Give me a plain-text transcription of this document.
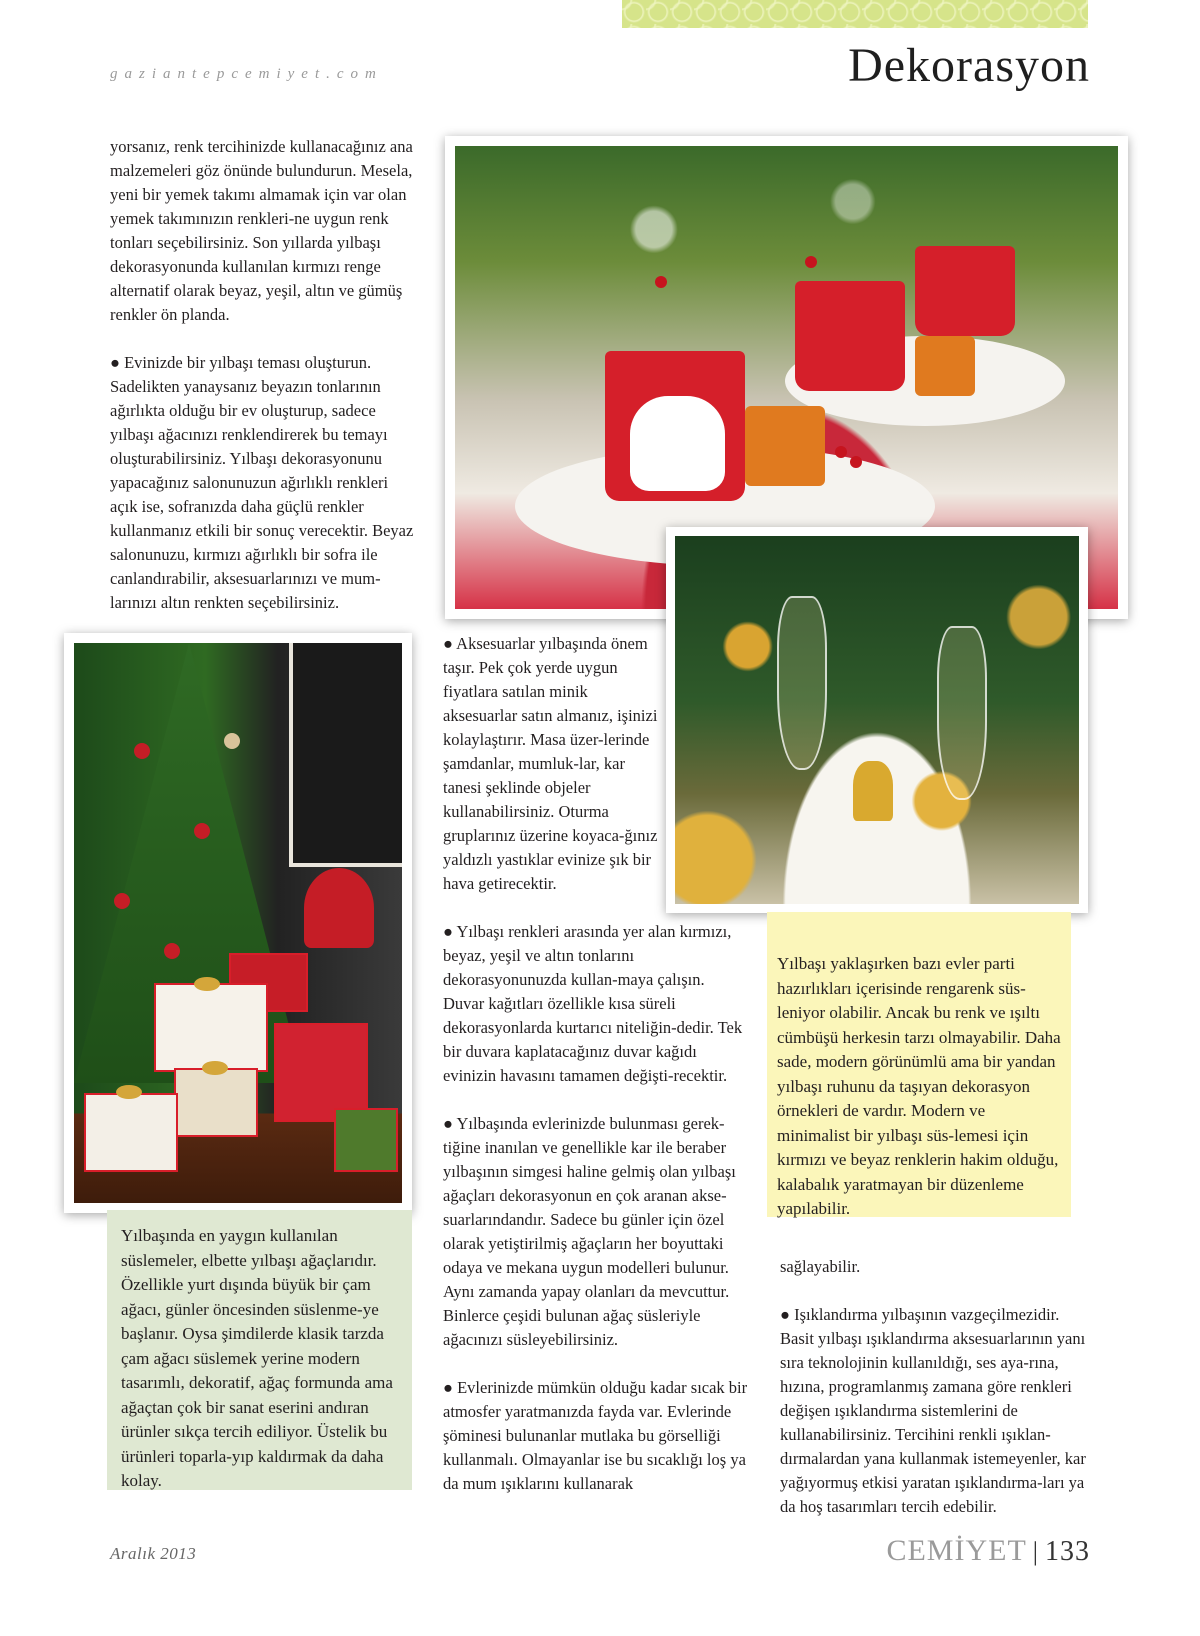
gaziantepcemiyet.com	Dekorasyon

yorsanız, renk tercihinizde kullanacağınız ana malzemeleri göz önünde bulundurun. Mesela, yeni bir yemek takımı almamak için var olan yemek takımınızın renkleri-ne uygun renk tonları seçebilirsiniz. Son yıllarda yılbaşı dekorasyonunda kullanılan kırmızı renge alternatif olarak beyaz, yeşil, altın ve gümüş renkler ön planda.

● Evinizde bir yılbaşı teması oluşturun. Sadelikten yanaysanız beyazın tonlarının ağırlıkta olduğu bir ev oluşturup, sadece yılbaşı ağacınızı renklendirerek bu temayı oluşturabilirsiniz. Yılbaşı dekorasyonunu yapacağınız salonunuzun ağırlıklı renkleri açık ise, sofranızda daha güçlü renkler kullanmanız etkili bir sonuç verecektir. Beyaz salonunuzu, kırmızı ağırlıklı bir sofra ile canlandırabilir, aksesuarlarınızı ve mum-larınızı altın renkten seçebilirsiniz.

● Aksesuarlar yılbaşında önem taşır. Pek çok yerde uygun fiyatlara satılan minik aksesuarlar satın almanız, işinizi kolaylaştırır. Masa üzer-lerinde şamdanlar, mumluk-lar, kar tanesi şeklinde objeler kullanabilirsiniz. Oturma gruplarınız üzerine koyaca-ğınız yaldızlı yastıklar evinize şık bir hava getirecektir.

Yılbaşında en yaygın kullanılan süslemeler, elbette yılbaşı ağaçlarıdır. Özellikle yurt dışında büyük bir çam ağacı, günler öncesinden süslenme-ye başlanır. Oysa şimdilerde klasik tarzda çam ağacı süslemek yerine modern tasarımlı, dekoratif, ağaç formunda ama ağaçtan çok bir sanat eserini andıran ürünler sıkça tercih ediliyor. Üstelik bu ürünleri toparla-yıp kaldırmak da daha kolay.

● Yılbaşı renkleri arasında yer alan kırmızı, beyaz, yeşil ve altın tonlarını dekorasyonunuzda kullan-maya çalışın. Duvar kağıtları özellikle kısa süreli dekorasyonlarda kurtarıcı niteliğin-dedir. Tek bir duvara kaplatacağınız duvar kağıdı evinizin havasını tamamen değişti-recektir.

● Yılbaşında evlerinizde bulunması gerek-tiğine inanılan ve genellikle kar ile beraber yılbaşının simgesi haline gelmiş olan yılbaşı ağaçları dekorasyonun en çok aranan akse-suarlarındandır. Sadece bu günler için özel olarak yetiştirilmiş ağaçların her boyuttaki odaya ve mekana uygun modelleri bulunur. Aynı zamanda yapay olanları da mevcuttur. Binlerce çeşidi bulunan ağaç süsleriyle ağacınızı süsleyebilirsiniz.

● Evlerinizde mümkün olduğu kadar sıcak bir atmosfer yaratmanızda fayda var. Evlerinde şöminesi bulunanlar mutlaka bu görselliği kullanmalı. Olmayanlar ise bu sıcaklığı loş ya da mum ışıklarını kullanarak

Yılbaşı yaklaşırken bazı evler parti hazırlıkları içerisinde rengarenk süs-leniyor olabilir. Ancak bu renk ve ışıltı cümbüşü herkesin tarzı olmayabilir. Daha sade, modern görünümlü ama bir yandan yılbaşı ruhunu da taşıyan dekorasyon örnekleri de vardır. Modern ve minimalist bir yılbaşı süs-lemesi için kırmızı ve beyaz renklerin hakim olduğu, kalabalık yaratmayan bir düzenleme yapılabilir.

sağlayabilir.

● Işıklandırma yılbaşının vazgeçilmezidir. Basit yılbaşı ışıklandırma aksesuarlarının yanı sıra teknolojinin kullanıldığı, ses aya-rına, hızına, programlanmış zamana göre renkleri değişen ışıklandırma sistemlerini de kullanabilirsiniz. Tercihini renkli ışıklan-dırmalardan yana kullanmak istemeyenler, kar yağıyormuş etkisi yaratan ışıklandırma-ları ya da hoş tasarımları tercih edebilir.

Aralık 2013	CEMİYET | 133
